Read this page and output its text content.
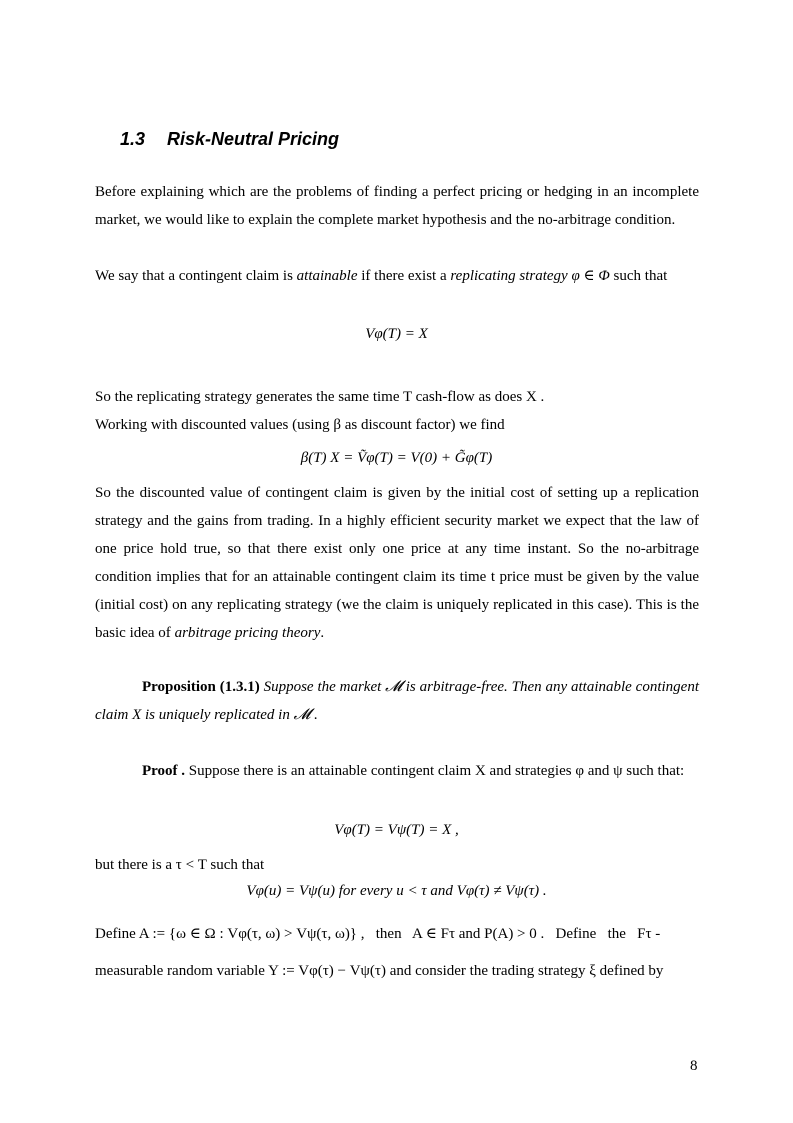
1.3 Risk-Neutral Pricing
Before explaining which are the problems of finding a perfect pricing or hedging in an incomplete market, we would like to explain the complete market hypothesis and the no-arbitrage condition.
We say that a contingent claim is attainable if there exist a replicating strategy φ ∈ Φ such that
Vφ(T) = X
So the replicating strategy generates the same time T cash-flow as does X .
Working with discounted values (using β as discount factor) we find
β(T) X = Ṽφ(T) = V(0) + G̃φ(T)
So the discounted value of contingent claim is given by the initial cost of setting up a replication strategy and the gains from trading. In a highly efficient security market we expect that the law of one price hold true, so that there exist only one price at any time instant. So the no-arbitrage condition implies that for an attainable contingent claim its time t price must be given by the value (initial cost) on any replicating strategy (we the claim is uniquely replicated in this case). This is the basic idea of arbitrage pricing theory.
Proposition (1.3.1) Suppose the market 𝓜 is arbitrage-free. Then any attainable contingent claim X is uniquely replicated in 𝓜 .
Proof . Suppose there is an attainable contingent claim X and strategies φ and ψ such that:
Vφ(T) = Vψ(T) = X ,
but there is a τ < T such that
Vφ(u) = Vψ(u) for every u < τ and Vφ(τ) ≠ Vψ(τ) .
Define A := {ω ∈ Ω : Vφ(τ, ω) > Vψ(τ, ω)} ,   then   A ∈ Fτ and P(A) > 0 .   Define   the   Fτ -
measurable random variable Y := Vφ(τ) − Vψ(τ) and consider the trading strategy ξ defined by
8
